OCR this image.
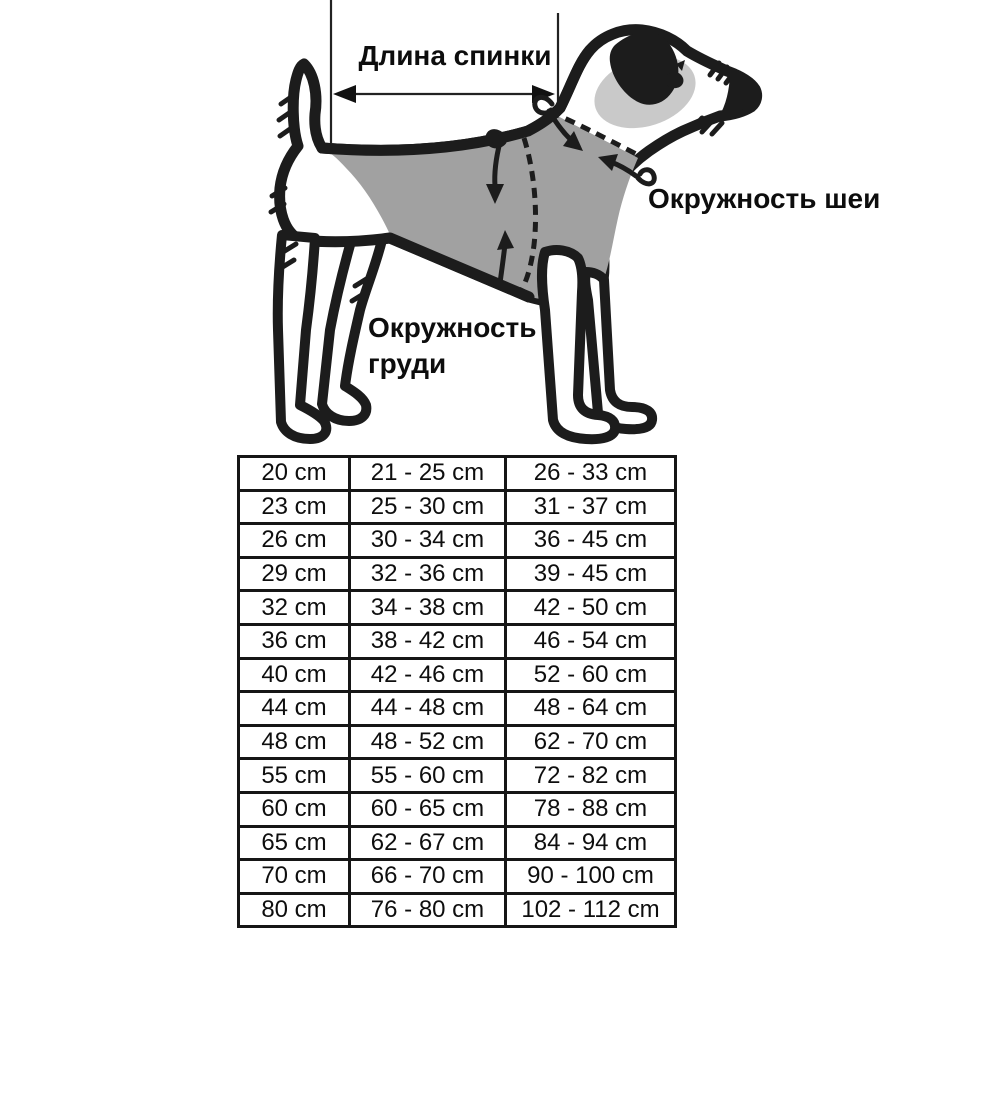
Длина спинки
Окружность шеи
Окружность
груди
20 cm	21 - 25 cm	26 - 33 cm
23 cm	25 - 30 cm	31 - 37 cm
26 cm	30 - 34 cm	36 - 45 cm
29 cm	32 - 36 cm	39 - 45 cm
32 cm	34 - 38 cm	42 - 50 cm
36 cm	38 - 42 cm	46 - 54 cm
40 cm	42 - 46 cm	52 - 60 cm
44 cm	44 - 48 cm	48 - 64 cm
48 cm	48 - 52 cm	62 - 70 cm
55 cm	55 - 60 cm	72 - 82 cm
60 cm	60 - 65 cm	78 - 88 cm
65 cm	62 - 67 cm	84 - 94 cm
70 cm	66 - 70 cm	90 - 100 cm
80 cm	76 - 80 cm	102 - 112 cm
